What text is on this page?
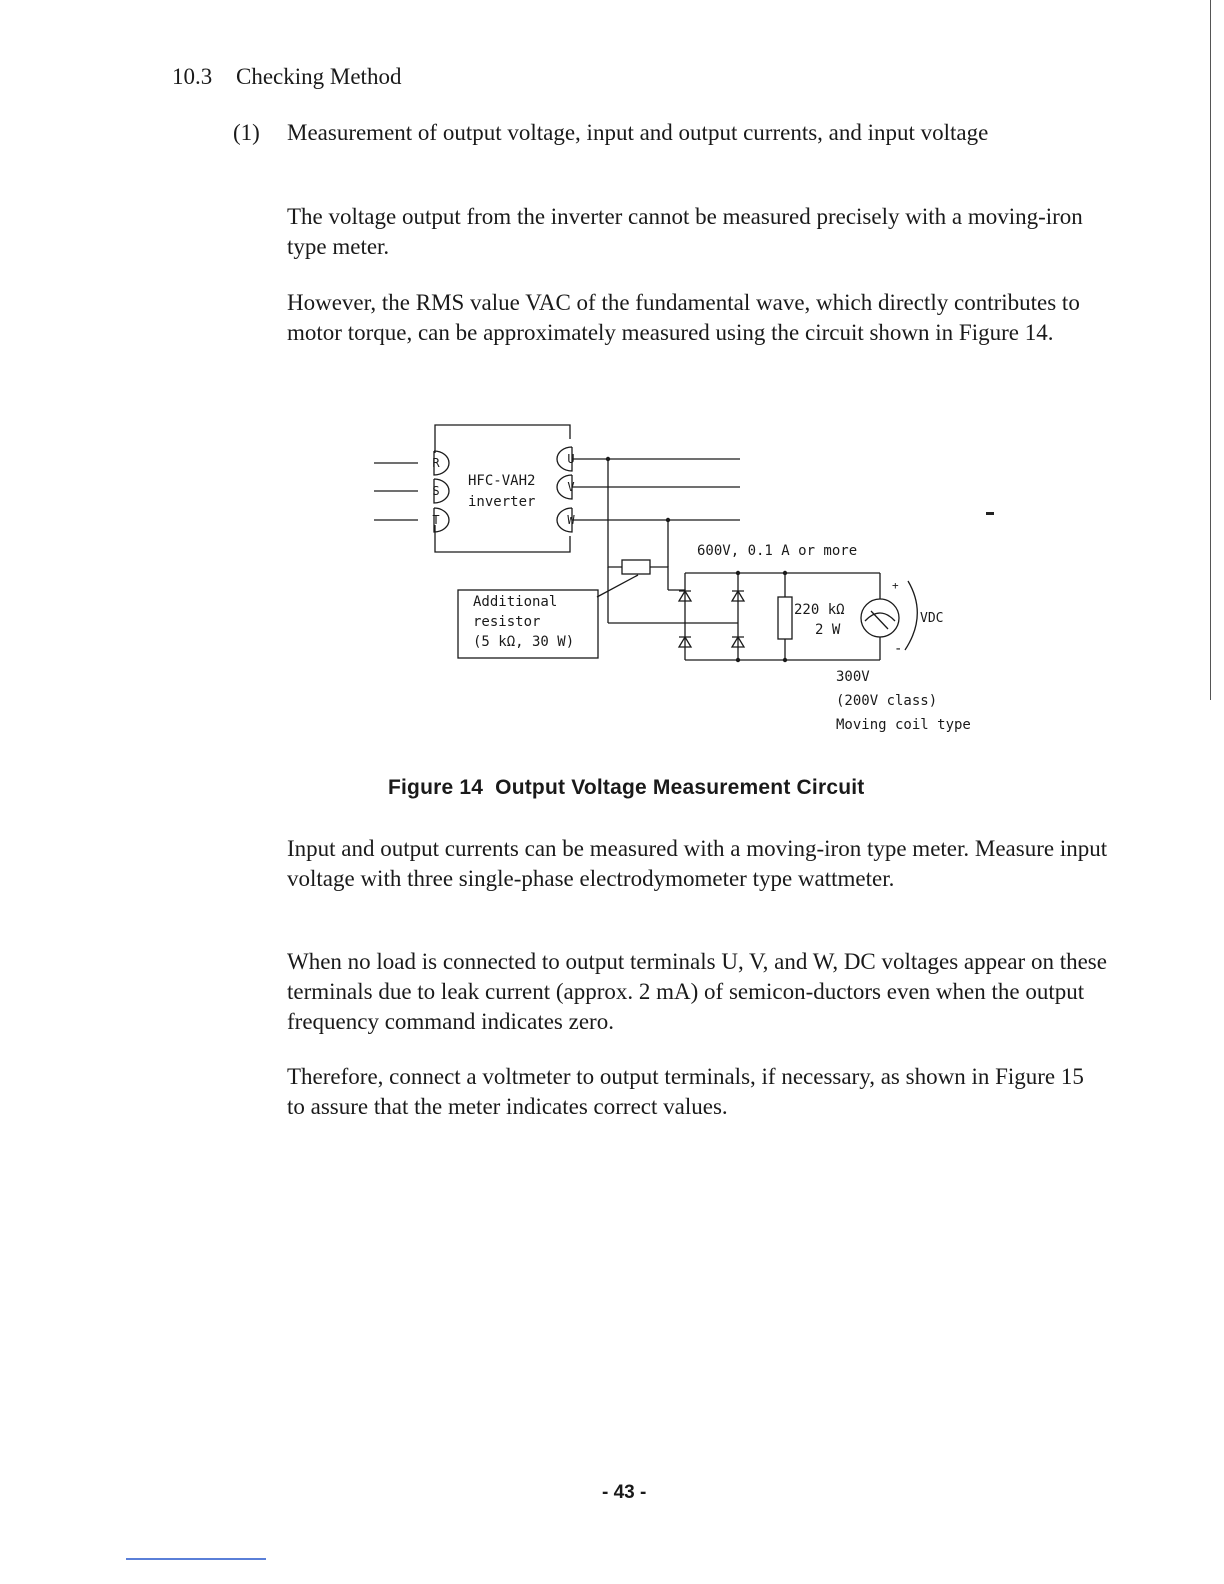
10.3 Checking Method
(1) Measurement of output voltage, input and output currents, and input voltage

The voltage output from the inverter cannot be measured precisely with a moving-iron type meter.

However, the RMS value VAC of the fundamental wave, which directly contributes to motor torque, can be approximately measured using the circuit shown in Figure 14.

R
S
T
U
V
W
HFC-VAH2
inverter
600V, 0.1 A or more
Additional
resistor
(5 kΩ, 30 W)
220 kΩ
2 W
+
-
VDC
300V
(200V class)
Moving coil type
Figure 14 Output Voltage Measurement Circuit

Input and output currents can be measured with a moving-iron type meter. Measure input voltage with three single-phase electrodymometer type wattmeter.

When no load is connected to output terminals U, V, and W, DC voltages appear on these terminals due to leak current (approx. 2 mA) of semicon-ductors even when the output frequency command indicates zero.

Therefore, connect a voltmeter to output terminals, if necessary, as shown in Figure 15 to assure that the meter indicates correct values.

- 43 -
